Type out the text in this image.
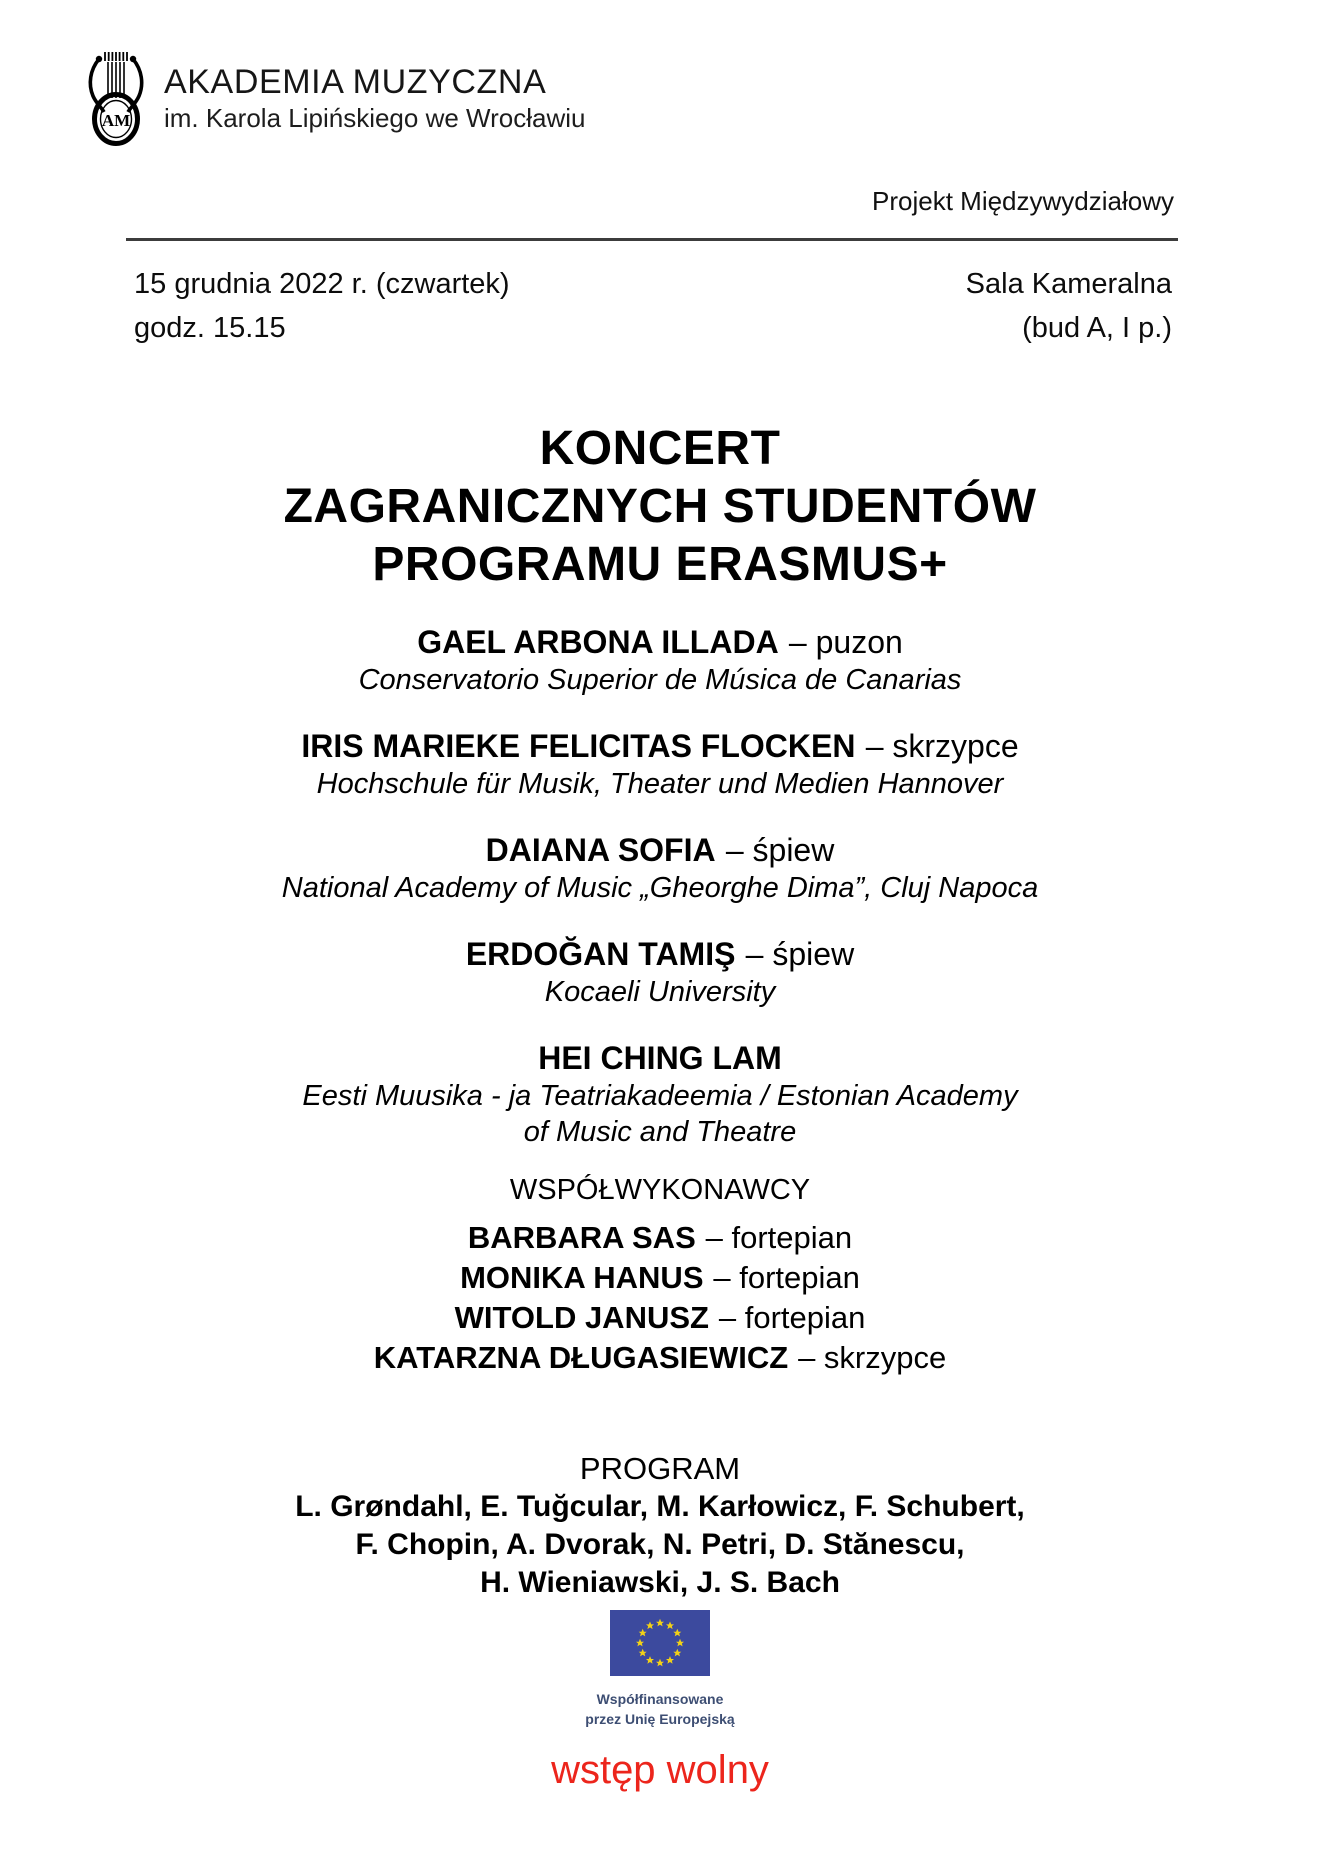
AM
AKADEMIA MUZYCZNA
im. Karola Lipińskiego we Wrocławiu
Projekt Międzywydziałowy
15 grudnia 2022 r. (czwartek)	Sala Kameralna
godz. 15.15	(bud A, I p.)
KONCERT
ZAGRANICZNYCH STUDENTÓW
PROGRAMU ERASMUS+
GAEL ARBONA ILLADA – puzon
Conservatorio Superior de Música de Canarias
IRIS MARIEKE FELICITAS FLOCKEN – skrzypce
Hochschule für Musik, Theater und Medien Hannover
DAIANA SOFIA – śpiew
National Academy of Music „Gheorghe Dima”, Cluj Napoca
ERDOĞAN TAMIŞ – śpiew
Kocaeli University
HEI CHING LAM
Eesti Muusika - ja Teatriakadeemia / Estonian Academy
of Music and Theatre
WSPÓŁWYKONAWCY
BARBARA SAS – fortepian
MONIKA HANUS – fortepian
WITOLD JANUSZ – fortepian
KATARZNA DŁUGASIEWICZ – skrzypce
PROGRAM
L. Grøndahl, E. Tuğcular, M. Karłowicz, F. Schubert,
F. Chopin, A. Dvorak, N. Petri, D. Stănescu,
H. Wieniawski, J. S. Bach
Współfinansowane
przez Unię Europejską
wstęp wolny
